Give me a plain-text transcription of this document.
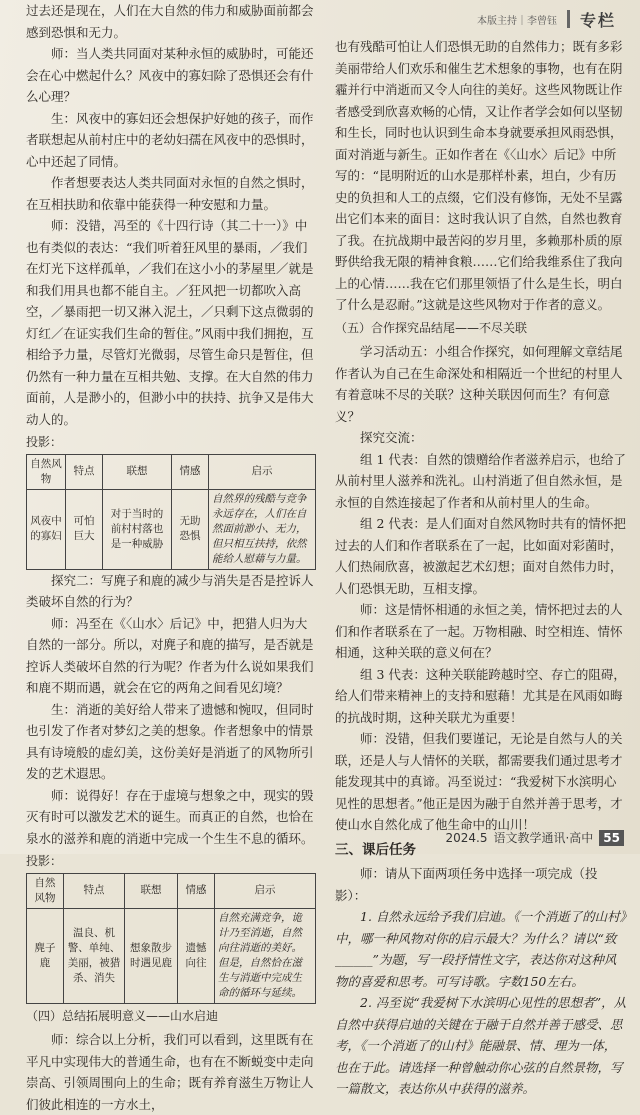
本版主持｜李曾钰 专栏

过去还是现在，人们在大自然的伟力和威胁面前都会感到恐惧和无力。

师：当人类共同面对某种永恒的威胁时，可能还会在心中燃起什么？风夜中的寡妇除了恐惧还会有什么心理？

生：风夜中的寡妇还会想保护好她的孩子，而作者联想起从前村庄中的老幼妇孺在风夜中的恐惧时，心中还起了同情。

作者想要表达人类共同面对永恒的自然之惧时，在互相扶助和依靠中能获得一种安慰和力量。

师：没错，冯至的《十四行诗（其二十一）》中也有类似的表达：“我们听着狂风里的暴雨，／我们在灯光下这样孤单，／我们在这小小的茅屋里／就是和我们用具也都不能自主。／狂风把一切都吹入高空，／暴雨把一切又淋入泥土，／只剩下这点微弱的灯红／在证实我们生命的暂住。”风雨中我们拥抱，互相给予力量，尽管灯光微弱，尽管生命只是暂住，但仍然有一种力量在互相共勉、支撑。在大自然的伟力面前，人是渺小的，但渺小中的扶持、抗争又是伟大动人的。

投影：
自然风物	特点	联想	情感	启示
风夜中的寡妇	可怕巨大	对于当时的前村村落也是一种威胁	无助恐惧	自然界的残酷与竞争永远存在，人们在自然面前渺小、无力，但只相互扶持，依然能给人慰藉与力量。

探究二：写麂子和鹿的减少与消失是否是控诉人类破坏自然的行为？

师：冯至在《〈山水〉后记》中，把猎人归为大自然的一部分。所以，对麂子和鹿的描写，是否就是控诉人类破坏自然的行为呢？作者为什么说如果我们和鹿不期而遇，就会在它的两角之间看见幻境？

生：消逝的美好给人带来了遗憾和惋叹，但同时也引发了作者对梦幻之美的想象。作者想象中的情景具有诗境般的虚幻美，这份美好是消逝了的风物所引发的艺术遐思。

师：说得好！存在于虚境与想象之中，现实的毁灭有时可以激发艺术的诞生。而真正的自然，也恰在泉水的滋养和鹿的消逝中完成一个生生不息的循环。

投影：
自然风物	特点	联想	情感	启示
麂子鹿	温良、机警、单纯、美丽，被猎杀、消失	想象散步时遇见鹿	遗憾向往	自然充满竞争，诡计乃至消逝，自然向往消逝的美好。但是，自然恰在滋生与消逝中完成生命的循环与延续。
（四）总结拓展明意义——山水启迪

师：综合以上分析，我们可以看到，这里既有在平凡中实现伟大的普通生命，也有在不断蜕变中走向崇高、引领周围向上的生命；既有养育滋生万物让人们彼此相连的一方水土，

也有残酷可怕让人们恐惧无助的自然伟力；既有多彩美丽带给人们欢乐和催生艺术想象的事物，也有在阴霾并行中消逝而又令人向往的美好。这些风物既让作者感受到欣喜欢畅的心情，又让作者学会如何以坚韧和生长，同时也认识到生命本身就要承担风雨恐惧，面对消逝与新生。正如作者在《〈山水〉后记》中所写的：“昆明附近的山水是那样朴素，坦白，少有历史的负担和人工的点缀，它们没有修饰，无处不呈露出它们本来的面目：这时我认识了自然，自然也教育了我。在抗战期中最苦闷的岁月里，多赖那朴质的原野供给我无限的精神食粮……它们给我维系住了我向上的心情……我在它们那里领悟了什么是生长，明白了什么是忍耐。”这就是这些风物对于作者的意义。

（五）合作探究品结尾——不尽关联

学习活动五：小组合作探究，如何理解文章结尾作者认为自己在生命深处和相隔近一个世纪的村里人有着意味不尽的关联？这种关联因何而生？有何意义？

探究交流：

组 1 代表：自然的馈赠给作者滋养启示，也给了从前村里人滋养和洗礼。山村消逝了但自然永恒，是永恒的自然连接起了作者和从前村里人的生命。

组 2 代表：是人们面对自然风物时共有的情怀把过去的人们和作者联系在了一起，比如面对彩菌时，人们热闹欣喜，被激起艺术幻想；面对自然伟力时，人们恐惧无助，互相支撑。

师：这是情怀相通的永恒之美，情怀把过去的人们和作者联系在了一起。万物相融、时空相连、情怀相通，这种关联的意义何在？

组 3 代表：这种关联能跨越时空、存亡的阻碍，给人们带来精神上的支持和慰藉！尤其是在风雨如晦的抗战时期，这种关联尤为重要！

师：没错，但我们要谨记，无论是自然与人的关联，还是人与人情怀的关联，都需要我们通过思考才能发现其中的真谛。冯至说过：“我爱树下水滨明心见性的思想者。”他正是因为融于自然并善于思考，才使山水自然化成了他生命中的山川！

三、课后任务

师：请从下面两项任务中选择一项完成（投影）：

1. 自然永远给予我们启迪。《一个消逝了的山村》中，哪一种风物对你的启示最大？为什么？请以“致______”为题，写一段抒情性文字，表达你对这种风物的喜爱和思考。可写诗歌。字数150左右。

2. 冯至说“我爱树下水滨明心见性的思想者”，从自然中获得启迪的关键在于融于自然并善于感受、思考，《一个消逝了的山村》能融景、情、理为一体，也在于此。请选择一种曾触动你心弦的自然景物，写一篇散文，表达你从中获得的滋养。

2024.5 语文教学通讯·高中 55
